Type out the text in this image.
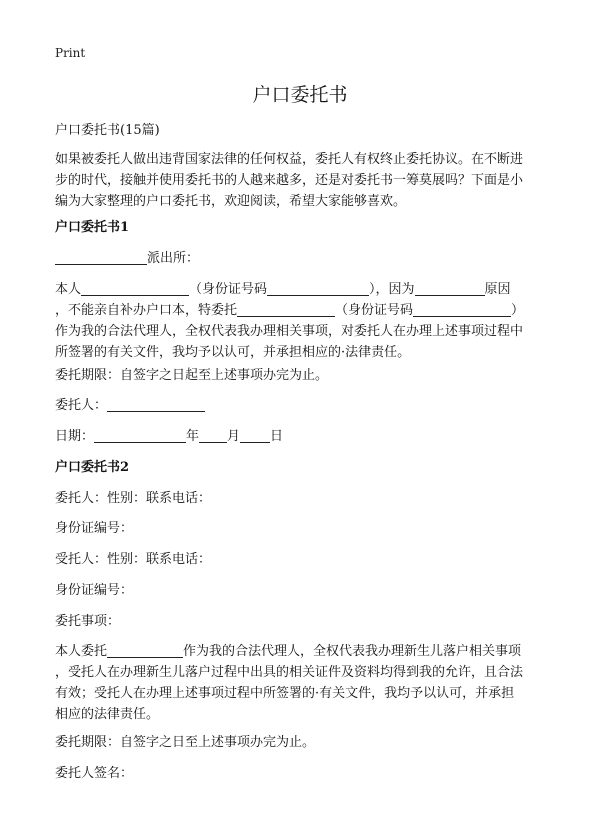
Print
户口委托书
户口委托书(15篇)
如果被委托人做出违背国家法律的任何权益，委托人有权终止委托协议。在不断进
步的时代，接触并使用委托书的人越来越多，还是对委托书一筹莫展吗？下面是小
编为大家整理的户口委托书，欢迎阅读，希望大家能够喜欢。
户口委托书1
派出所：
本人	（身份证号码	），因为	原因
，不能亲自补办户口本，特委托	（身份证号码	）
作为我的合法代理人，全权代表我办理相关事项，对委托人在办理上述事项过程中
所签署的有关文件，我均予以认可，并承担相应的·法律责任。
委托期限：自签字之日起至上述事项办完为止。
委托人：
日期：	年 月 日
户口委托书2
委托人：性别：联系电话：
身份证编号：
受托人：性别：联系电话：
身份证编号：
委托事项：
本人委托	作为我的合法代理人，全权代表我办理新生儿落户相关事项
，受托人在办理新生儿落户过程中出具的相关证件及资料均得到我的允许，且合法
有效；受托人在办理上述事项过程中所签署的·有关文件，我均予以认可，并承担
相应的法律责任。
委托期限：自签字之日至上述事项办完为止。
委托人签名：
